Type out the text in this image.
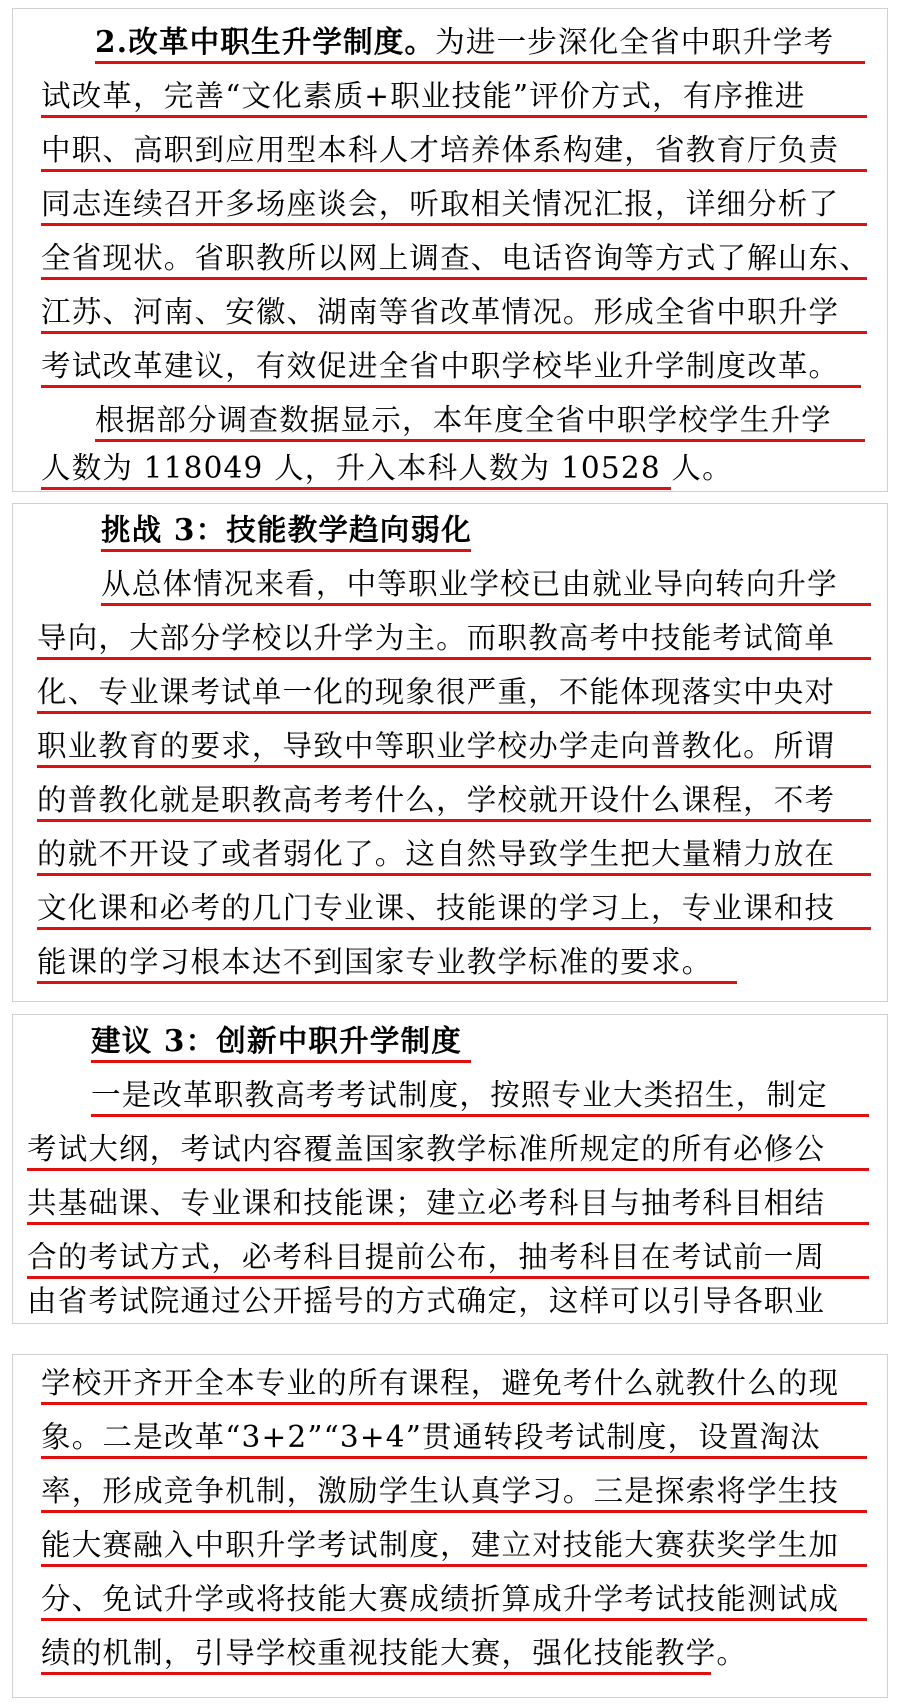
2.改革中职生升学制度。为进一步深化全省中职升学考
试改革，完善“文化素质+职业技能”评价方式，有序推进
中职、高职到应用型本科人才培养体系构建，省教育厅负责
同志连续召开多场座谈会，听取相关情况汇报，详细分析了
全省现状。省职教所以网上调查、电话咨询等方式了解山东、
江苏、河南、安徽、湖南等省改革情况。形成全省中职升学
考试改革建议，有效促进全省中职学校毕业升学制度改革。
根据部分调查数据显示，本年度全省中职学校学生升学
人数为 118049 人，升入本科人数为 10528 人。
挑战 3：技能教学趋向弱化
从总体情况来看，中等职业学校已由就业导向转向升学
导向，大部分学校以升学为主。而职教高考中技能考试简单
化、专业课考试单一化的现象很严重，不能体现落实中央对
职业教育的要求，导致中等职业学校办学走向普教化。所谓
的普教化就是职教高考考什么，学校就开设什么课程，不考
的就不开设了或者弱化了。这自然导致学生把大量精力放在
文化课和必考的几门专业课、技能课的学习上，专业课和技
能课的学习根本达不到国家专业教学标准的要求。
建议 3：创新中职升学制度
一是改革职教高考考试制度，按照专业大类招生，制定
考试大纲，考试内容覆盖国家教学标准所规定的所有必修公
共基础课、专业课和技能课；建立必考科目与抽考科目相结
合的考试方式，必考科目提前公布，抽考科目在考试前一周
由省考试院通过公开摇号的方式确定，这样可以引导各职业
学校开齐开全本专业的所有课程，避免考什么就教什么的现
象。二是改革“3+2”“3+4”贯通转段考试制度，设置淘汰
率，形成竞争机制，激励学生认真学习。三是探索将学生技
能大赛融入中职升学考试制度，建立对技能大赛获奖学生加
分、免试升学或将技能大赛成绩折算成升学考试技能测试成
绩的机制，引导学校重视技能大赛，强化技能教学。
